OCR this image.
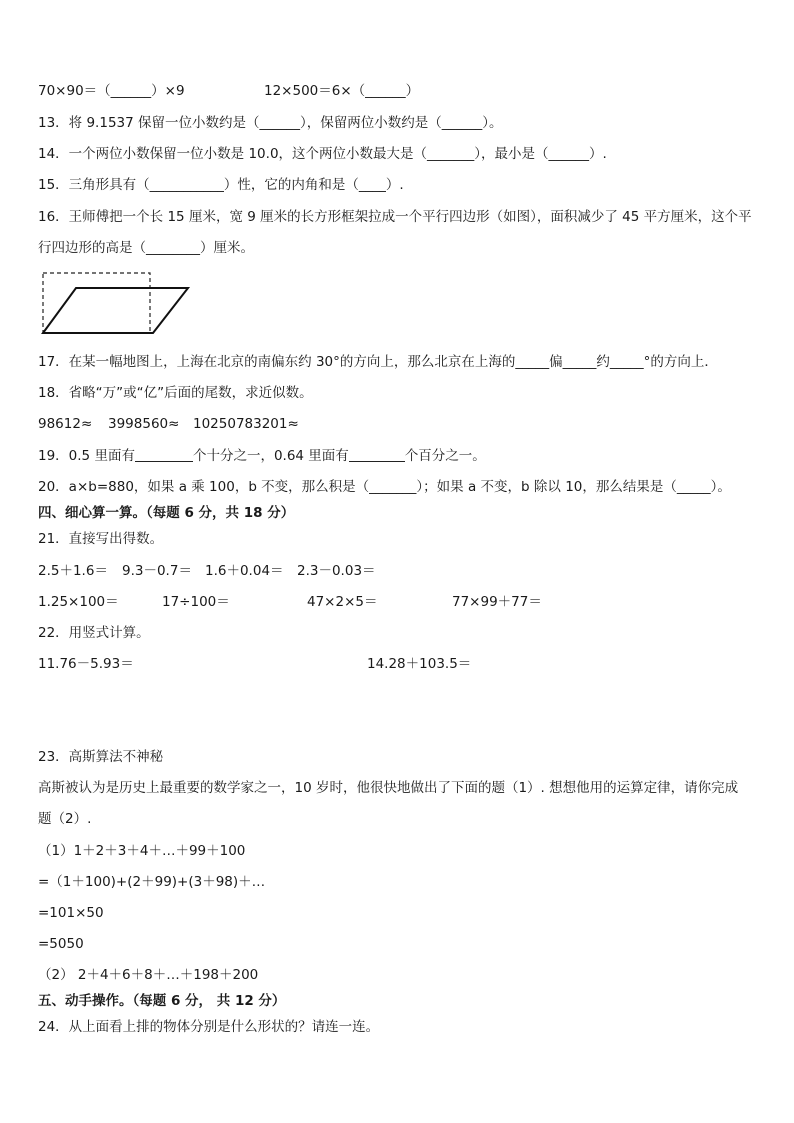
70×90＝（______）×9	12×500＝6×（______）
13．将 9.1537 保留一位小数约是（______），保留两位小数约是（______）。
14．一个两位小数保留一位小数是 10.0，这个两位小数最大是（_______），最小是（______）.
15．三角形具有（___________）性，它的内角和是（____）.
16．王师傅把一个长 15 厘米，宽 9 厘米的长方形框架拉成一个平行四边形（如图），面积减少了 45 平方厘米，这个平
行四边形的高是（________）厘米。
17．在某一幅地图上，上海在北京的南偏东约 30°的方向上，那么北京在上海的_____偏_____约_____°的方向上．
18．省略“万”或“亿”后面的尾数，求近似数。
98612≈ 3998560≈ 10250783201≈
19．0.5 里面有	个十分之一，0.64 里面有	个百分之一。
20．a×b=880，如果 a 乘 100，b 不变，那么积是（_______）；如果 a 不变，b 除以 10，那么结果是（_____）。
四、细心算一算。（每题 6 分，共 18 分）
21．直接写出得数。
2.5＋1.6＝ 9.3－0.7＝ 1.6＋0.04＝ 2.3－0.03＝
1.25×100＝	17÷100＝	47×2×5＝	77×99＋77＝
22．用竖式计算。
11.76－5.93＝	14.28＋103.5＝
23．高斯算法不神秘
高斯被认为是历史上最重要的数学家之一，10 岁时，他很快地做出了下面的题（1）. 想想他用的运算定律，请你完成
题（2）.
（1）1＋2＋3＋4＋…＋99＋100
=（1＋100)+(2＋99)+(3＋98)＋…
=101×50
=5050
（2） 2＋4＋6＋8＋…＋198＋200
五、动手操作。（每题 6 分， 共 12 分）
24．从上面看上排的物体分别是什么形状的？请连一连。
